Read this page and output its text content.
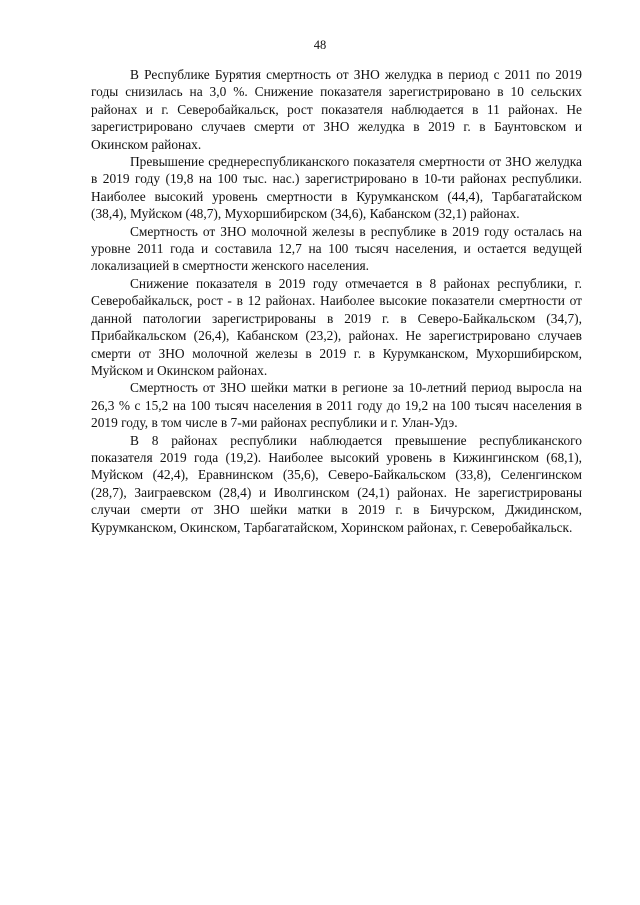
48

В Республике Бурятия смертность от ЗНО желудка в период с 2011 по 2019 годы снизилась на 3,0 %. Снижение показателя зарегистрировано в 10 сельских районах и г. Северобайкальск, рост показателя наблюдается в 11 районах. Не зарегистрировано случаев смерти от ЗНО желудка в 2019 г. в Баунтовском и Окинском районах.

Превышение среднереспубликанского показателя смертности от ЗНО желудка в 2019 году (19,8 на 100 тыс. нас.) зарегистрировано в 10-ти районах республики. Наиболее высокий уровень смертности в Курумканском (44,4), Тарбагатайском (38,4), Муйском (48,7), Мухоршибирском (34,6), Кабанском (32,1) районах.

Смертность от ЗНО молочной железы в республике в 2019 году осталась на уровне 2011 года и составила 12,7 на 100 тысяч населения, и остается ведущей локализацией в смертности женского населения.

Снижение показателя в 2019 году отмечается в 8 районах республики, г. Северобайкальск, рост - в 12 районах. Наиболее высокие показатели смертности от данной патологии зарегистрированы в 2019 г. в Северо-Байкальском (34,7), Прибайкальском (26,4), Кабанском (23,2), районах. Не зарегистрировано случаев смерти от ЗНО молочной железы в 2019 г. в Курумканском, Мухоршибирском, Муйском и Окинском районах.

Смертность от ЗНО шейки матки в регионе за 10-летний период выросла на 26,3 % с 15,2 на 100 тысяч населения в 2011 году до 19,2 на 100 тысяч населения в 2019 году, в том числе в 7-ми районах республики и г. Улан-Удэ.

В 8 районах республики наблюдается превышение республиканского показателя 2019 года (19,2). Наиболее высокий уровень в Кижингинском (68,1), Муйском (42,4), Еравнинском (35,6), Северо-Байкальском (33,8), Селенгинском (28,7), Заиграевском (28,4) и Иволгинском (24,1) районах. Не зарегистрированы случаи смерти от ЗНО шейки матки в 2019 г. в Бичурском, Джидинском, Курумканском, Окинском, Тарбагатайском, Хоринском районах, г. Северобайкальск.
